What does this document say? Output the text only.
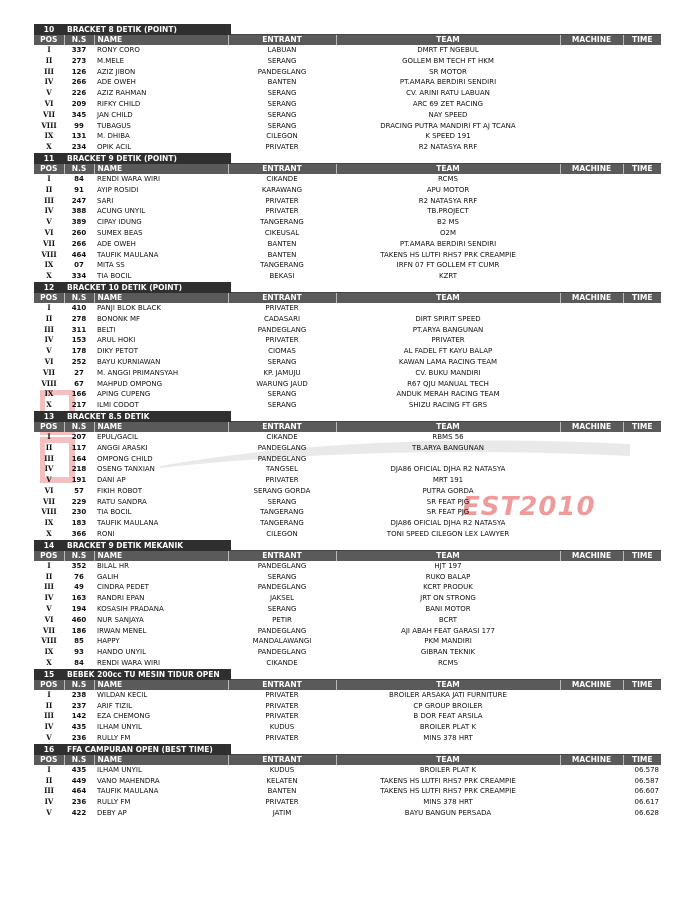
EST2010
10	BRACKET 8 DETIK (POINT)
POS	N.S	NAME	ENTRANT	TEAM	MACHINE	TIME
I	337	RONY CORO	LABUAN	DMRT FT NGEBUL		
II	273	M.MELE	SERANG	GOLLEM BM TECH FT HKM		
III	126	AZIZ JIBON	PANDEGLANG	SR MOTOR		
IV	266	ADE OWEH	BANTEN	PT.AMARA BERDIRI SENDIRI		
V	226	AZIZ RAHMAN	SERANG	CV. ARINI RATU LABUAN		
VI	209	RIFKY CHILD	SERANG	ARC 69 ZET RACING		
VII	345	JAN CHILD	SERANG	NAY SPEED		
VIII	99	TUBAGUS	SERANG	DRACING PUTRA MANDIRI FT AJ TCANA		
IX	131	M. DHIBA	CILEGON	K SPEED 191		
X	234	OPIK ACIL	PRIVATER	R2 NATASYA RRF		
11	BRACKET 9 DETIK (POINT)
POS	N.S	NAME	ENTRANT	TEAM	MACHINE	TIME
I	84	RENDI WARA WIRI	CIKANDE	RCMS		
II	91	AYIP ROSIDI	KARAWANG	APU MOTOR		
III	247	SARI	PRIVATER	R2 NATASYA RRF		
IV	388	ACUNG UNYIL	PRIVATER	TB.PROJECT		
V	389	CIPAY IDUNG	TANGERANG	B2 MS		
VI	260	SUMEX BEAS	CIKEUSAL	O2M		
VII	266	ADE OWEH	BANTEN	PT.AMARA BERDIRI SENDIRI		
VIII	464	TAUFIK MAULANA	BANTEN	TAKENS HS LUTFI RHS7 PRK CREAMPIE		
IX	07	MITA SS	TANGERANG	IRFN 07 FT GOLLEM FT CUMR		
X	334	TIA BOCIL	BEKASI	KZRT		
12	BRACKET 10 DETIK (POINT)
POS	N.S	NAME	ENTRANT	TEAM	MACHINE	TIME
I	410	PANJI BLOK BLACK	PRIVATER			
II	278	BONONK MF	CADASARI	DIRT SPIRIT SPEED		
III	311	BELTI	PANDEGLANG	PT.ARYA BANGUNAN		
IV	153	ARUL HOKI	PRIVATER	PRIVATER		
V	178	DIKY PETOT	CIOMAS	AL FADEL FT KAYU BALAP		
VI	252	BAYU KURNIAWAN	SERANG	KAWAN LAMA RACING TEAM		
VII	27	M. ANGGI PRIMANSYAH	KP. JAMUJU	CV. BUKU MANDIRI		
VIII	67	MAHPUD OMPONG	WARUNG JAUD	R67 QJU MANUAL TECH		
IX	166	APING CUPENG	SERANG	ANDUK MERAH RACING TEAM		
X	217	ILMI CODOT	SERANG	SHIZU RACING FT GRS		
13	BRACKET 8.5 DETIK
POS	N.S	NAME	ENTRANT	TEAM	MACHINE	TIME
I	207	EPUL/GACIL	CIKANDE	RBMS 56		
II	117	ANGGI ARASKI	PANDEGLANG	TB.ARYA BANGUNAN		
III	164	OMPONG CHILD	PANDEGLANG			
IV	218	OSENG TANXIAN	TANGSEL	DJA86 OFICIAL DJHA R2 NATASYA		
V	191	DANI AP	PRIVATER	MRT 191		
VI	57	FIKIH ROBOT	SERANG GORDA	PUTRA GORDA		
VII	229	RATU SANDRA	SERANG	SR FEAT PJG		
VIII	230	TIA BOCIL	TANGERANG	SR FEAT PJG		
IX	183	TAUFIK MAULANA	TANGERANG	DJA86 OFICIAL DJHA R2 NATASYA		
X	366	RONI	CILEGON	TONI SPEED CILEGON LEX LAWYER		
14	BRACKET 9 DETIK MEKANIK
POS	N.S	NAME	ENTRANT	TEAM	MACHINE	TIME
I	352	BILAL HR	PANDEGLANG	HJT 197		
II	76	GALIH	SERANG	RUKO BALAP		
III	49	CINDRA PEDET	PANDEGLANG	KCRT PRODUK		
IV	163	RANDRI EPAN	JAKSEL	JRT ON STRONG		
V	194	KOSASIH PRADANA	SERANG	BANI MOTOR		
VI	460	NUR SANJAYA	PETIR	BCRT		
VII	186	IRWAN MENEL	PANDEGLANG	AJI ABAH FEAT GARASI 177		
VIII	85	HAPPY	MANDALAWANGI	PKM MANDIRI		
IX	93	HANDO UNYIL	PANDEGLANG	GIBRAN TEKNIK		
X	84	RENDI WARA WIRI	CIKANDE	RCMS		
15	BEBEK 200cc TU MESIN TIDUR OPEN
POS	N.S	NAME	ENTRANT	TEAM	MACHINE	TIME
I	238	WILDAN KECIL	PRIVATER	BROILER ARSAKA JATI FURNITURE		
II	237	ARIF TIZIL	PRIVATER	CP GROUP BROILER		
III	142	EZA CHEMONG	PRIVATER	B DOR FEAT ARSILA		
IV	435	ILHAM UNYIL	KUDUS	BROILER PLAT K		
V	236	RULLY FM	PRIVATER	MINS 378 HRT		
16	FFA CAMPURAN OPEN (BEST TIME)
POS	N.S	NAME	ENTRANT	TEAM	MACHINE	TIME
I	435	ILHAM UNYIL	KUDUS	BROILER PLAT K		06.578
II	449	VANO MAHENDRA	KELATEN	TAKENS HS LUTFI RHS7 PRK CREAMPIE		06.587
III	464	TAUFIK MAULANA	BANTEN	TAKENS HS LUTFI RHS7 PRK CREAMPIE		06.607
IV	236	RULLY FM	PRIVATER	MINS 378 HRT		06.617
V	422	DEBY AP	JATIM	BAYU BANGUN PERSADA		06.628
